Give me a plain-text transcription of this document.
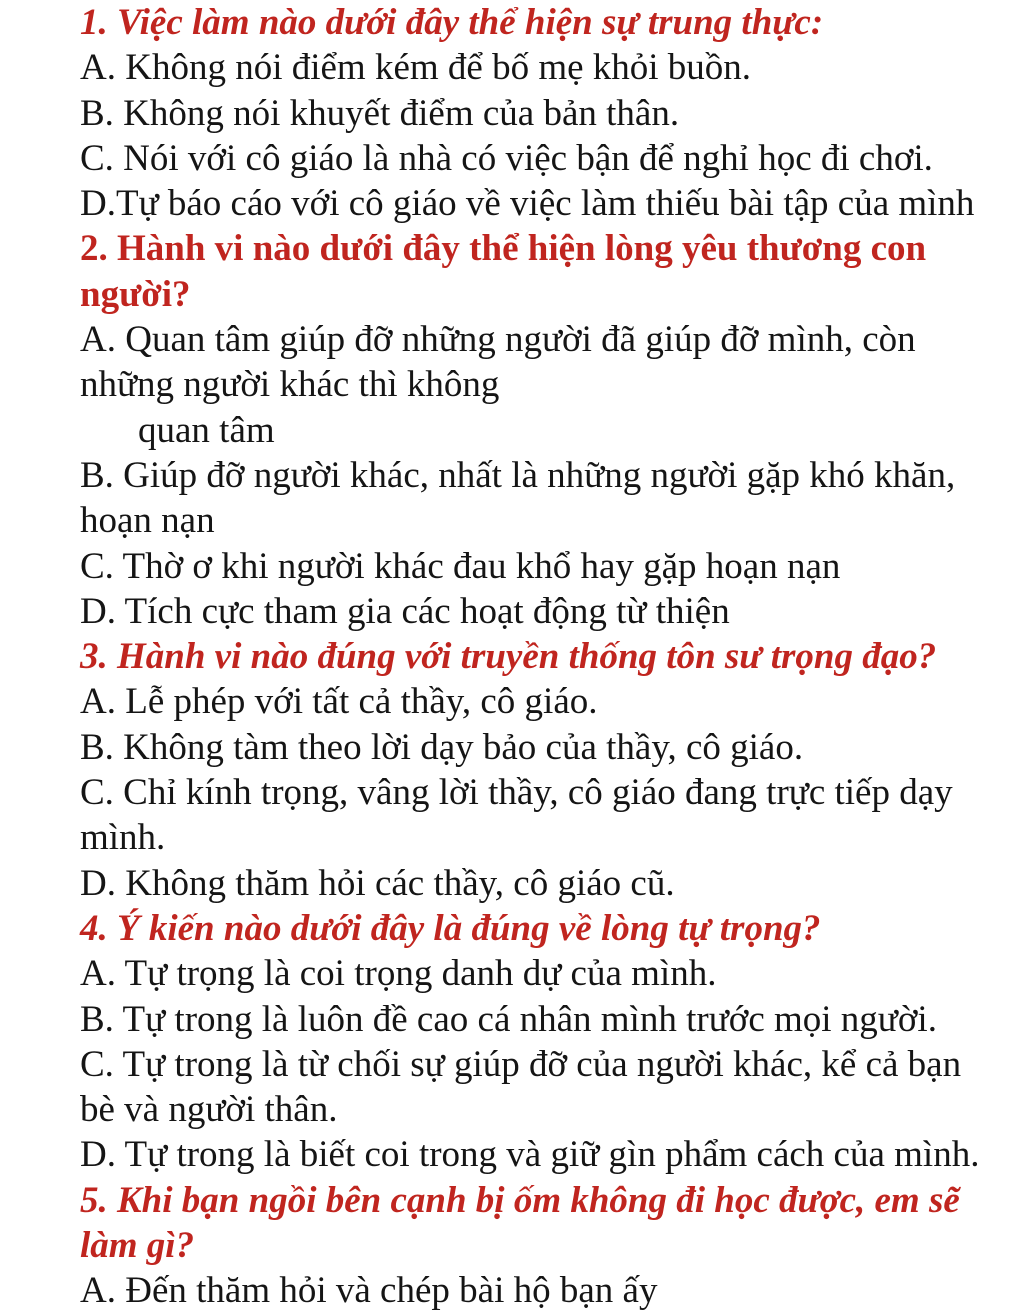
1. Việc làm nào dưới đây thể hiện sự trung thực:
A. Không nói điểm kém để bố mẹ khỏi buồn.
B. Không nói khuyết điểm của bản thân.
C. Nói với cô giáo là nhà có việc bận để nghỉ học đi chơi.
D.Tự báo cáo với cô giáo về việc làm thiếu bài tập của mình
2. Hành vi nào dưới đây thể hiện lòng yêu thương con
người?
A. Quan tâm giúp đỡ những người đã giúp đỡ mình, còn
những người khác thì không
quan tâm
B. Giúp đỡ người khác, nhất là những người gặp khó khăn,
hoạn nạn
C. Thờ ơ khi người khác đau khổ hay gặp hoạn nạn
D. Tích cực tham gia các hoạt động từ thiện
3. Hành vi nào đúng với truyền thống tôn sư trọng đạo?
A. Lễ phép với tất cả thầy, cô giáo.
B. Không tàm theo lời dạy bảo của thầy, cô giáo.
C. Chỉ kính trọng, vâng lời thầy, cô giáo đang trực tiếp dạy
mình.
D. Không thăm hỏi các thầy, cô giáo cũ.
4. Ý kiến nào dưới đây là đúng về lòng tự trọng?
A. Tự trọng là coi trọng danh dự của mình.
B. Tự trong là luôn đề cao cá nhân mình trước mọi người.
C. Tự trong là từ chối sự giúp đỡ của người khác, kể cả bạn
bè và người thân.
D. Tự trong là biết coi trong và giữ gìn phẩm cách của mình.
5. Khi bạn ngồi bên cạnh bị ốm không đi học được, em sẽ
làm gì?
A. Đến thăm hỏi và chép bài hộ bạn ấy
